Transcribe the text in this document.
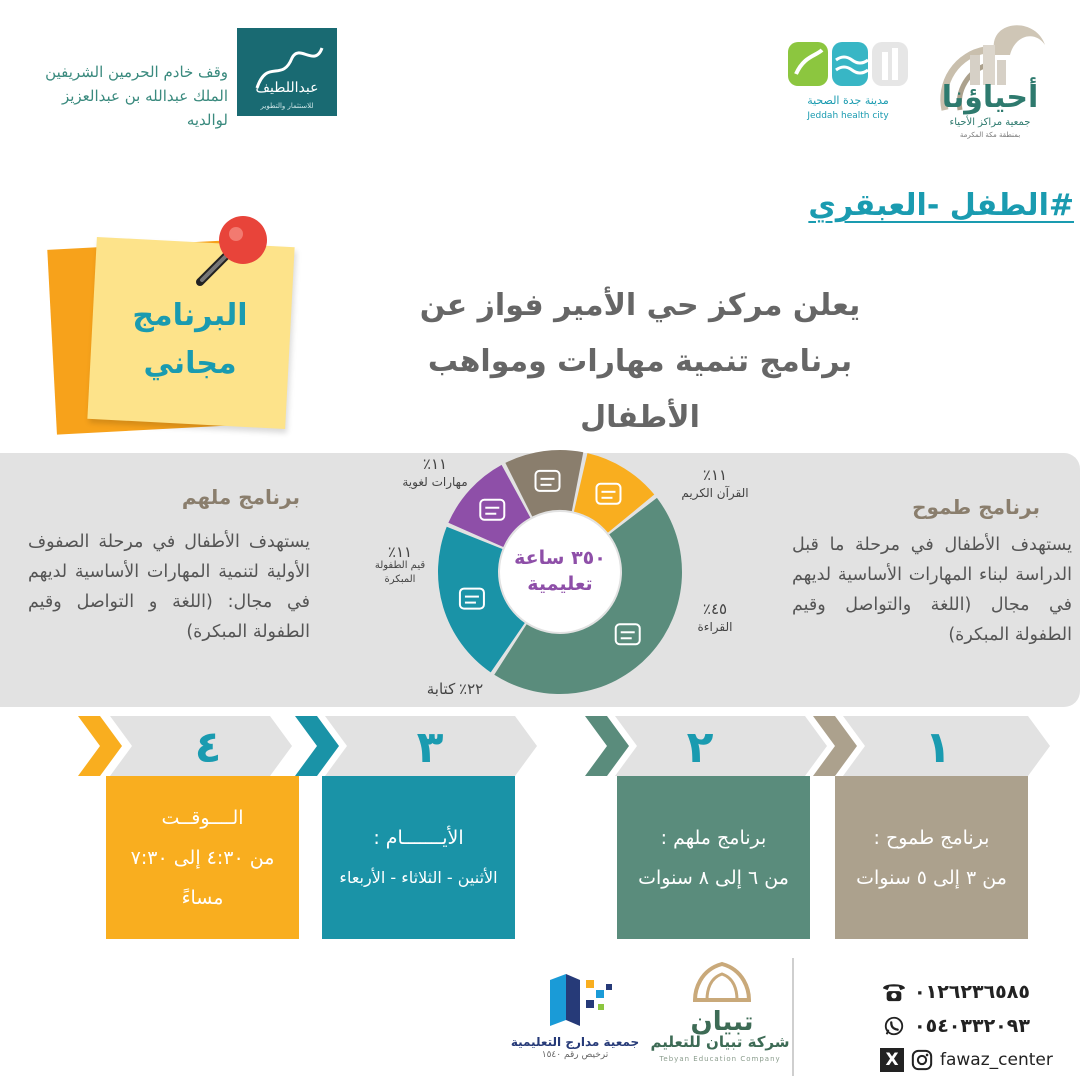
أحياؤنا
جمعية مراكز الأحياء
بمنطقة مكة المكرمة
مدينة جدة الصحية
Jeddah health city
جدة
وقف خادم الحرمين الشريفين
الملك عبدالله بن عبدالعزيز لوالديه
عبداللطيف
للاستثمار والتطوير
#الطفل -العبقري
البرنامج
مجاني
يعلن مركز حي الأمير فواز عن
برنامج تنمية مهارات ومواهب الأطفال
برنامج ملهم
يستهدف الأطفال في مرحلة الصفوف الأولية لتنمية المهارات الأساسية لديهم في مجال: (اللغة و التواصل وقيم الطفولة المبكرة)
برنامج طموح
يستهدف الأطفال في مرحلة ما قبل الدراسة لبناء المهارات الأساسية لديهم في مجال (اللغة والتواصل وقيم الطفولة المبكرة)
٣٥٠ ساعة
تعليمية
١١٪
القرآن الكريم
٤٥٪
القراءة
٢٢٪ كتابة
١١٪
قيم الطفولة المبكرة
١١٪
مهارات لغوية
٤	٣	٢	١
الــــوقــت
من ٤:٣٠ إلى ٧:٣٠
مساءً
الأيـــــــام :
الأثنين - الثلاثاء - الأربعاء
برنامج ملهم :
من ٦ إلى ٨ سنوات
برنامج طموح :
من ٣ إلى ٥ سنوات
٠١٢٦٢٣٦٥٨٥
٠٥٤٠٣٣٢٠٩٣
X	fawaz_center
تبيان
شركة تبيان للتعليم
Tebyan Education Company
جمعية مدارج التعليمية
ترخيص رقم ١٥٤٠
